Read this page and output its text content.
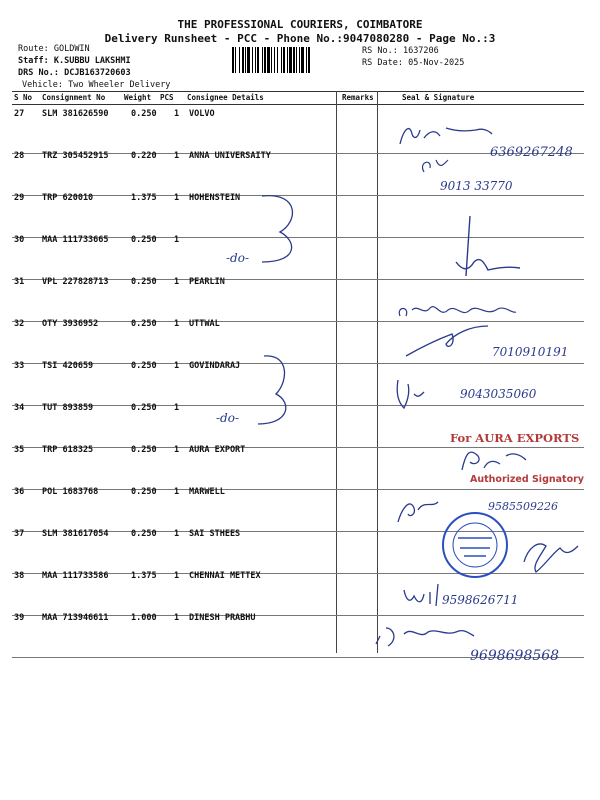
THE PROFESSIONAL COURIERS, COIMBATORE
Delivery Runsheet - PCC - Phone No.:9047080280 - Page No.:3
Route: GOLDWIN
Staff: K.SUBBU LAKSHMI
DRS No.: DCJB163720603
Vehicle: Two Wheeler Delivery
RS No.: 1637206
RS Date: 05-Nov-2025
S No Consignment No	Weight PCS Consignee Details	Remarks	Seal & Signature
27 SLM 381626590	0.250 1 VOLVO
28 TRZ 305452915	0.220 1 ANNA UNIVERSAITY
29 TRP 620010	1.375 1 HOHENSTEIN
30 MAA 111733665	0.250 1
31 VPL 227828713	0.250 1 PEARLIN
32 OTY 3936952	0.250 1 UTTWAL
33 TSI 420659	0.250 1 GOVINDARAJ
34 TUT 893859	0.250 1
35 TRP 618325	0.250 1 AURA EXPORT
36 POL 1683768	0.250 1 MARWELL
37 SLM 381617054	0.250 1 SAI STHEES
38 MAA 111733586	1.375 1 CHENNAI METTEX
39 MAA 713946611	1.000 1 DINESH PRABHU
6369267248
9013 33770
-do-
7010910191
-do-
9043035060
For AURA EXPORTS
Authorized Signatory
9585509226
9598626711
9698698568
